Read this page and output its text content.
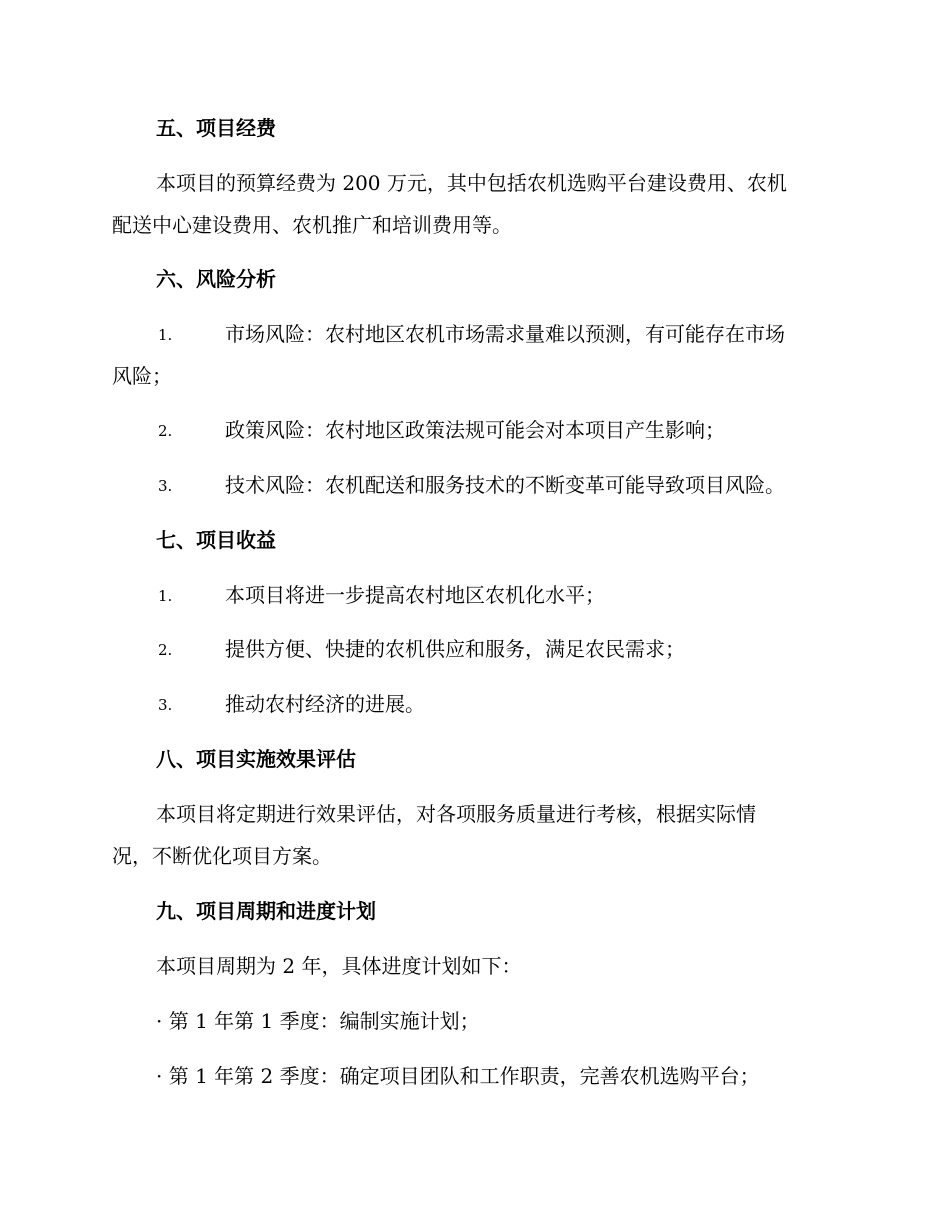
五、项目经费
本项目的预算经费为 200 万元，其中包括农机选购平台建设费用、农机
配送中心建设费用、农机推广和培训费用等。
六、风险分析
1.	市场风险：农村地区农机市场需求量难以预测，有可能存在市场
风险；
2.	政策风险：农村地区政策法规可能会对本项目产生影响；
3.	技术风险：农机配送和服务技术的不断变革可能导致项目风险。
七、项目收益
1.	本项目将进一步提高农村地区农机化水平；
2.	提供方便、快捷的农机供应和服务，满足农民需求；
3.	推动农村经济的进展。
八、项目实施效果评估
本项目将定期进行效果评估，对各项服务质量进行考核，根据实际情
况，不断优化项目方案。
九、项目周期和进度计划
本项目周期为 2 年，具体进度计划如下：
· 第 1 年第 1 季度：编制实施计划；
· 第 1 年第 2 季度：确定项目团队和工作职责，完善农机选购平台；
